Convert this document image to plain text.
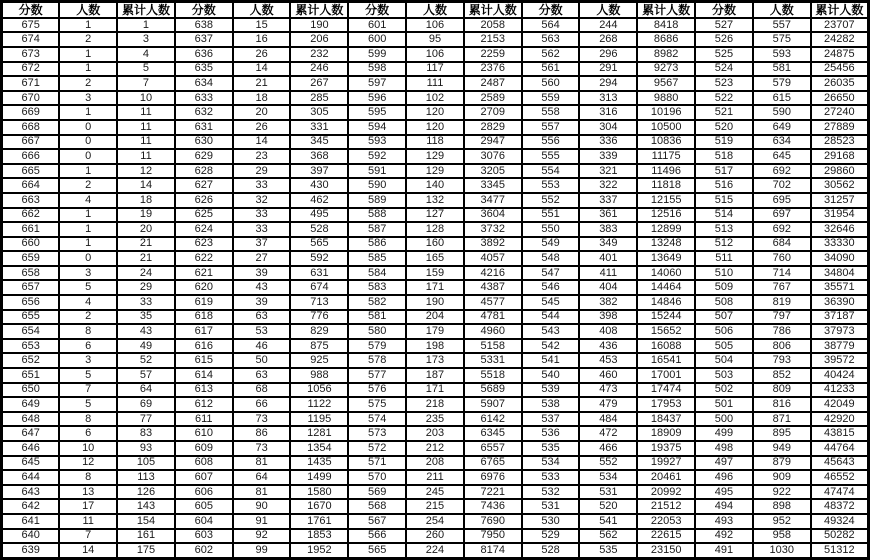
分数	人数	累计人数	分数	人数	累计人数	分数	人数	累计人数	分数	人数	累计人数	分数	人数	累计人数
675	1	1	638	15	190	601	106	2058	564	244	8418	527	557	23707
674	2	3	637	16	206	600	95	2153	563	268	8686	526	575	24282
673	1	4	636	26	232	599	106	2259	562	296	8982	525	593	24875
672	1	5	635	14	246	598	117	2376	561	291	9273	524	581	25456
671	2	7	634	21	267	597	111	2487	560	294	9567	523	579	26035
670	3	10	633	18	285	596	102	2589	559	313	9880	522	615	26650
669	1	11	632	20	305	595	120	2709	558	316	10196	521	590	27240
668	0	11	631	26	331	594	120	2829	557	304	10500	520	649	27889
667	0	11	630	14	345	593	118	2947	556	336	10836	519	634	28523
666	0	11	629	23	368	592	129	3076	555	339	11175	518	645	29168
665	1	12	628	29	397	591	129	3205	554	321	11496	517	692	29860
664	2	14	627	33	430	590	140	3345	553	322	11818	516	702	30562
663	4	18	626	32	462	589	132	3477	552	337	12155	515	695	31257
662	1	19	625	33	495	588	127	3604	551	361	12516	514	697	31954
661	1	20	624	33	528	587	128	3732	550	383	12899	513	692	32646
660	1	21	623	37	565	586	160	3892	549	349	13248	512	684	33330
659	0	21	622	27	592	585	165	4057	548	401	13649	511	760	34090
658	3	24	621	39	631	584	159	4216	547	411	14060	510	714	34804
657	5	29	620	43	674	583	171	4387	546	404	14464	509	767	35571
656	4	33	619	39	713	582	190	4577	545	382	14846	508	819	36390
655	2	35	618	63	776	581	204	4781	544	398	15244	507	797	37187
654	8	43	617	53	829	580	179	4960	543	408	15652	506	786	37973
653	6	49	616	46	875	579	198	5158	542	436	16088	505	806	38779
652	3	52	615	50	925	578	173	5331	541	453	16541	504	793	39572
651	5	57	614	63	988	577	187	5518	540	460	17001	503	852	40424
650	7	64	613	68	1056	576	171	5689	539	473	17474	502	809	41233
649	5	69	612	66	1122	575	218	5907	538	479	17953	501	816	42049
648	8	77	611	73	1195	574	235	6142	537	484	18437	500	871	42920
647	6	83	610	86	1281	573	203	6345	536	472	18909	499	895	43815
646	10	93	609	73	1354	572	212	6557	535	466	19375	498	949	44764
645	12	105	608	81	1435	571	208	6765	534	552	19927	497	879	45643
644	8	113	607	64	1499	570	211	6976	533	534	20461	496	909	46552
643	13	126	606	81	1580	569	245	7221	532	531	20992	495	922	47474
642	17	143	605	90	1670	568	215	7436	531	520	21512	494	898	48372
641	11	154	604	91	1761	567	254	7690	530	541	22053	493	952	49324
640	7	161	603	92	1853	566	260	7950	529	562	22615	492	958	50282
639	14	175	602	99	1952	565	224	8174	528	535	23150	491	1030	51312
